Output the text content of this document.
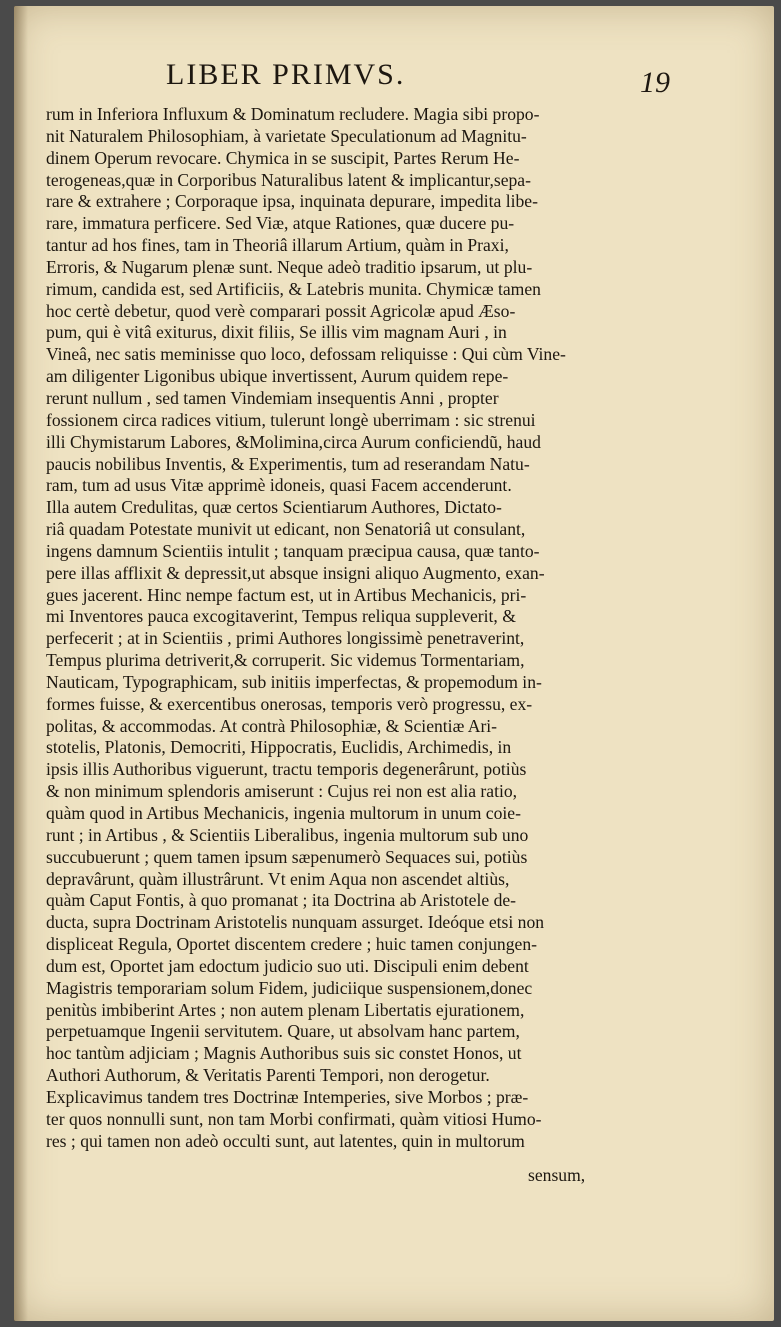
LIBER PRIMVS.	19
rum in Inferiora Influxum & Dominatum recludere. Magia sibi propo-
nit Naturalem Philosophiam, à varietate Speculationum ad Magnitu-
dinem Operum revocare. Chymica in se suscipit, Partes Rerum He-
terogeneas,quæ in Corporibus Naturalibus latent & implicantur,sepa-
rare & extrahere ; Corporaque ipsa, inquinata depurare, impedita libe-
rare, immatura perficere. Sed Viæ, atque Rationes, quæ ducere pu-
tantur ad hos fines, tam in Theoriâ illarum Artium, quàm in Praxi,
Erroris, & Nugarum plenæ sunt. Neque adeò traditio ipsarum, ut plu-
rimum, candida est, sed Artificiis, & Latebris munita. Chymicæ tamen
hoc certè debetur, quod verè comparari possit Agricolæ apud Æso-
pum, qui è vitâ exiturus, dixit filiis, Se illis vim magnam Auri , in
Vineâ, nec satis meminisse quo loco, defossam reliquisse : Qui cùm Vine-
am diligenter Ligonibus ubique invertissent, Aurum quidem repe-
rerunt nullum , sed tamen Vindemiam insequentis Anni , propter
fossionem circa radices vitium, tulerunt longè uberrimam : sic strenui
illi Chymistarum Labores, &Molimina,circa Aurum conficiendũ, haud
paucis nobilibus Inventis, & Experimentis, tum ad reserandam Natu-
ram, tum ad usus Vitæ apprimè idoneis, quasi Facem accenderunt.
Illa autem Credulitas, quæ certos Scientiarum Authores, Dictato-
riâ quadam Potestate munivit ut edicant, non Senatoriâ ut consulant,
ingens damnum Scientiis intulit ; tanquam præcipua causa, quæ tanto-
pere illas afflixit & depressit,ut absque insigni aliquo Augmento, exan-
gues jacerent. Hinc nempe factum est, ut in Artibus Mechanicis, pri-
mi Inventores pauca excogitaverint, Tempus reliqua suppleverit, &
perfecerit ; at in Scientiis , primi Authores longissimè penetraverint,
Tempus plurima detriverit,& corruperit. Sic videmus Tormentariam,
Nauticam, Typographicam, sub initiis imperfectas, & propemodum in-
formes fuisse, & exercentibus onerosas, temporis verò progressu, ex-
politas, & accommodas. At contrà Philosophiæ, & Scientiæ Ari-
stotelis, Platonis, Democriti, Hippocratis, Euclidis, Archimedis, in
ipsis illis Authoribus viguerunt, tractu temporis degenerârunt, potiùs
& non minimum splendoris amiserunt : Cujus rei non est alia ratio,
quàm quod in Artibus Mechanicis, ingenia multorum in unum coie-
runt ; in Artibus , & Scientiis Liberalibus, ingenia multorum sub uno
succubuerunt ; quem tamen ipsum sæpenumerò Sequaces sui, potiùs
depravârunt, quàm illustrârunt. Vt enim Aqua non ascendet altiùs,
quàm Caput Fontis, à quo promanat ; ita Doctrina ab Aristotele de-
ducta, supra Doctrinam Aristotelis nunquam assurget. Ideóque etsi non
displiceat Regula, Oportet discentem credere ; huic tamen conjungen-
dum est, Oportet jam edoctum judicio suo uti. Discipuli enim debent
Magistris temporariam solum Fidem, judiciique suspensionem,donec
penitùs imbiberint Artes ; non autem plenam Libertatis ejurationem,
perpetuamque Ingenii servitutem. Quare, ut absolvam hanc partem,
hoc tantùm adjiciam ; Magnis Authoribus suis sic constet Honos, ut
Authori Authorum, & Veritatis Parenti Tempori, non derogetur.
Explicavimus tandem tres Doctrinæ Intemperies, sive Morbos ; præ-
ter quos nonnulli sunt, non tam Morbi confirmati, quàm vitiosi Humo-
res ; qui tamen non adeò occulti sunt, aut latentes, quin in multorum
sensum,
